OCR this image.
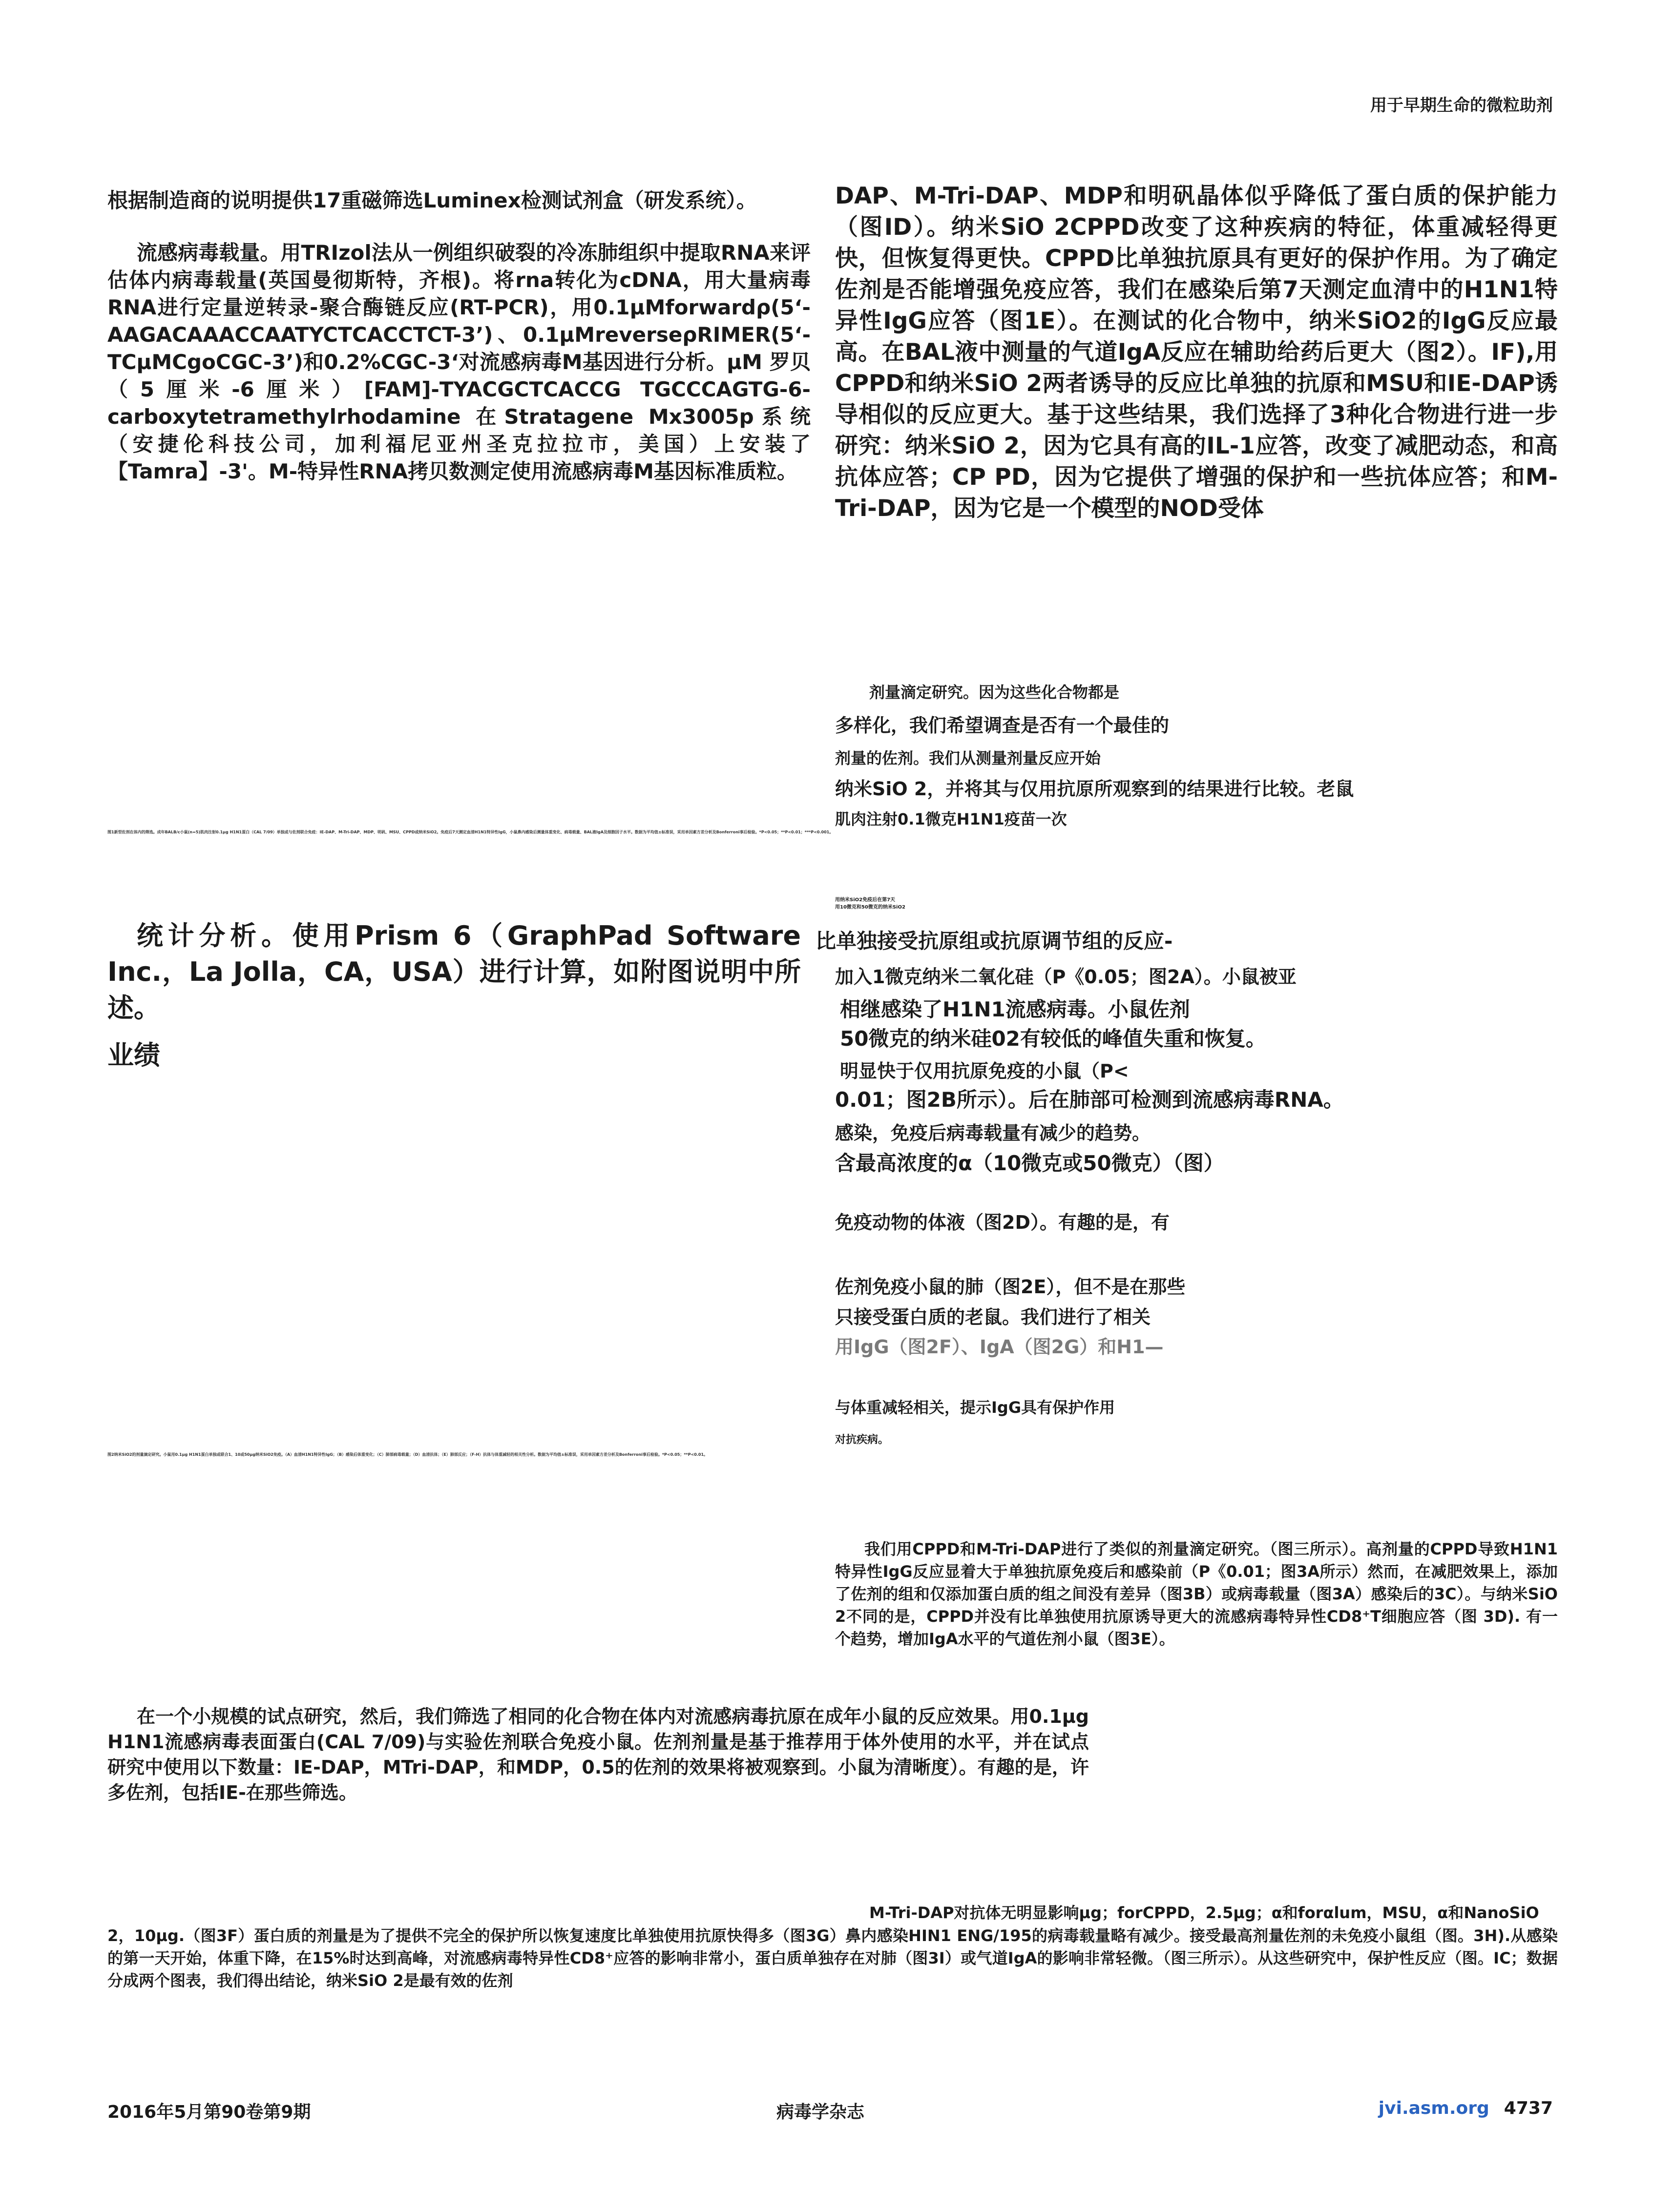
用于早期生命的微粒助剂

根据制造商的说明提供17重磁筛选Luminex检测试剂盒（研发系统）。

流感病毒载量。用TRIzol法从一例组织破裂的冷冻肺组织中提取RNA来评估体内病毒载量(英国曼彻斯特，齐根)。将rna转化为cDNA，用大量病毒RNA进行定量逆转录-聚合酶链反应(RT-PCR)，用0.1μMforwardρ(5‘-AAGACAAACCAATYCTCACCTCT-3’)、0.1μMreverseρRIMER(5‘-TCμMCgoCGC-3’)和0.2%CGC-3‘对流感病毒M基因进行分析。μM 罗贝（5厘米-6厘米）[FAM]-TYACGCTCACCG TGCCCAGTG-6-carboxytetramethylrhodamine 在Stratagene Mx3005p系统（安捷伦科技公司，加利福尼亚州圣克拉拉市，美国）上安装了【Tamra】-3'。M-特异性RNA拷贝数测定使用流感病毒M基因标准质粒。

DAP、M-Tri-DAP、MDP和明矾晶体似乎降低了蛋白质的保护能力（图ID）。纳米SiO 2CPPD改变了这种疾病的特征，体重减轻得更快，但恢复得更快。CPPD比单独抗原具有更好的保护作用。为了确定佐剂是否能增强免疫应答，我们在感染后第7天测定血清中的H1N1特异性IgG应答（图1E）。在测试的化合物中，纳米SiO2的IgG反应最高。在BAL液中测量的气道IgA反应在辅助给药后更大（图2）。IF),用CPPD和纳米SiO 2两者诱导的反应比单独的抗原和MSU和IE-DAP诱导相似的反应更大。基于这些结果，我们选择了3种化合物进行进一步研究：纳米SiO 2，因为它具有高的IL-1应答，改变了减肥动态，和高抗体应答；CP PD，因为它提供了增强的保护和一些抗体应答；和M-Tri-DAP，因为它是一个模型的NOD受体

剂量滴定研究。因为这些化合物都是
多样化，我们希望调查是否有一个最佳的
剂量的佐剂。我们从测量剂量反应开始
纳米SiO 2，并将其与仅用抗原所观察到的结果进行比较。老鼠
肌肉注射0.1微克H1N1疫苗一次
图1新型佐剂在体内的筛选。成年BALB/c小鼠(n=5)肌肉注射0.1μg H1N1蛋白（CAL 7/09）单独或与佐剂联合免疫：IE-DAP、M-Tri-DAP、MDP、明矾、MSU、CPPD或纳米SiO2。免疫后7天测定血清H1N1特异性IgG，小鼠鼻内感染后测量体重变化、病毒载量、BAL液IgA及细胞因子水平。数据为平均值±标准误，采用单因素方差分析及Bonferroni事后检验。*P<0.05；**P<0.01；***P<0.001。

统计分析。使用Prism 6（GraphPad Software Inc.，La Jolla，CA，USA）进行计算，如附图说明中所述。

业绩
用纳米SiO2免疫后在第7天
用10微克和50微克的纳米SiO2
比单独接受抗原组或抗原调节组的反应-
加入1微克纳米二氧化硅（P《0.05；图2A）。小鼠被亚
相继感染了H1N1流感病毒。小鼠佐剂
50微克的纳米硅02有较低的峰值失重和恢复。
明显快于仅用抗原免疫的小鼠（P<
0.01；图2B所示）。后在肺部可检测到流感病毒RNA。
感染，免疫后病毒载量有减少的趋势。
含最高浓度的α（10微克或50微克）（图）
免疫动物的体液（图2D）。有趣的是，有
佐剂免疫小鼠的肺（图2E），但不是在那些
只接受蛋白质的老鼠。我们进行了相关
用IgG（图2F）、IgA（图2G）和H1—
与体重减轻相关，提示IgG具有保护作用
对抗疾病。
图2纳米SiO2的剂量滴定研究。小鼠用0.1μg H1N1蛋白单独或联合1、10或50μg纳米SiO2免疫。（A）血清H1N1特异性IgG；（B）感染后体重变化；（C）肺部病毒载量；（D）血清抗体；（E）肺部反应；（F-H）抗体与体重减轻的相关性分析。数据为平均值±标准误，采用单因素方差分析及Bonferroni事后检验。*P<0.05；**P<0.01。

我们用CPPD和M-Tri-DAP进行了类似的剂量滴定研究。（图三所示）。高剂量的CPPD导致H1N1特异性IgG反应显着大于单独抗原免疫后和感染前（P《0.01；图3A所示）然而，在减肥效果上，添加了佐剂的组和仅添加蛋白质的组之间没有差异（图3B）或病毒载量（图3A）感染后的3C）。与纳米SiO 2不同的是，CPPD并没有比单独使用抗原诱导更大的流感病毒特异性CD8⁺T细胞应答（图 3D). 有一个趋势，增加IgA水平的气道佐剂小鼠（图3E）。

在一个小规模的试点研究，然后，我们筛选了相同的化合物在体内对流感病毒抗原在成年小鼠的反应效果。用0.1μg H1N1流感病毒表面蛋白(CAL 7/09)与实验佐剂联合免疫小鼠。佐剂剂量是基于推荐用于体外使用的水平，并在试点研究中使用以下数量：IE-DAP，MTri-DAP，和MDP，0.5的佐剂的效果将被观察到。小鼠为清晰度）。有趣的是，许多佐剂，包括IE-在那些筛选。

M-Tri-DAP对抗体无明显影响μg；forCPPD，2.5μg；α和forαlum，MSU，α和NanoSiO

2，10μg.（图3F）蛋白质的剂量是为了提供不完全的保护所以恢复速度比单独使用抗原快得多（图3G）鼻内感染HIN1 ENG/195的病毒载量略有减少。接受最高剂量佐剂的未免疫小鼠组（图。3H).从感染的第一天开始，体重下降，在15%时达到高峰，对流感病毒特异性CD8⁺应答的影响非常小，蛋白质单独存在对肺（图3I）或气道IgA的影响非常轻微。（图三所示）。从这些研究中，保护性反应（图。IC；数据分成两个图表，我们得出结论，纳米SiO 2是最有效的佐剂

2016年5月第90卷第9期	病毒学杂志	jvi.asm.org 4737
